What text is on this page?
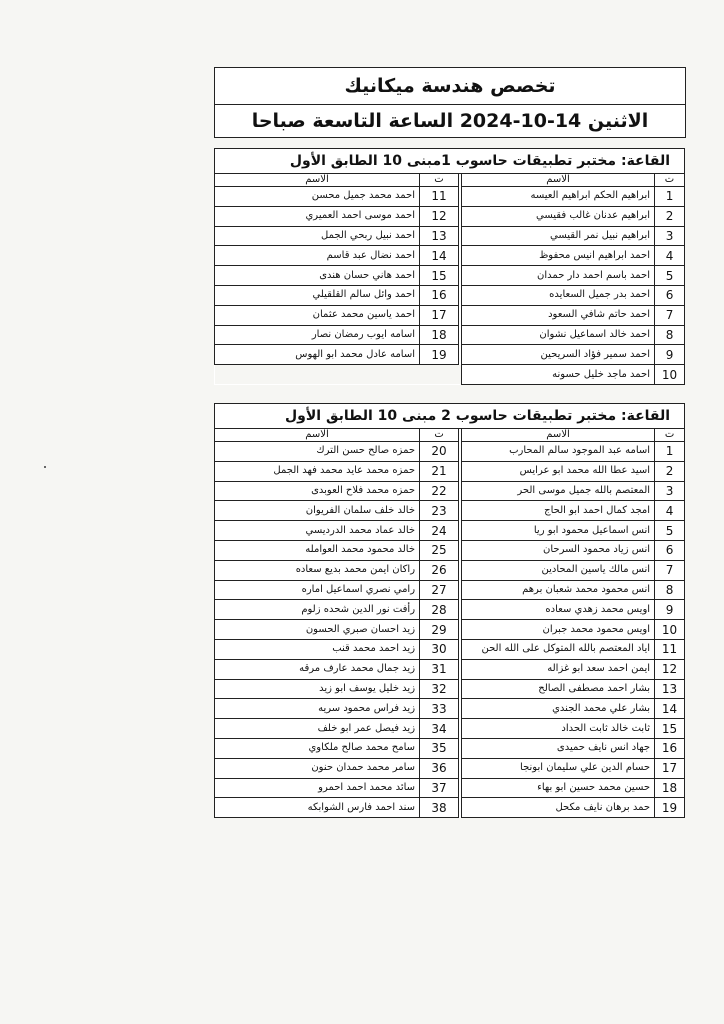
تخصص هندسة ميكانيك
الاثنين 14-10-2024 الساعة التاسعة صباحا
القاعة: مختبر تطبيقات حاسوب 1مبنى 10 الطابق الأول				
ت	الاسم		ت	الاسم
1	ابراهيم الحكم ابراهيم العيسه		11	احمد محمد جميل محسن
2	ابراهيم عدنان غالب فقيسي		12	احمد موسى احمد العميري
3	ابراهيم نبيل نمر القيسي		13	احمد نبيل ربحي الجمل
4	احمد ابراهيم انيس محفوظ		14	احمد نضال عبد قاسم
5	احمد باسم احمد دار حمدان		15	احمد هاني حسان هندى
6	احمد بدر جميل السعايده		16	احمد وائل سالم القلقيلي
7	احمد حاتم شافي السعود		17	احمد ياسين محمد عثمان
8	احمد خالد اسماعيل نشوان		18	اسامه ايوب رمضان نصار
9	احمد سمير فؤاد السريحين		19	اسامه عادل محمد ابو الهوس
10	احمد ماجد خليل حسونه			
القاعة: مختبر تطبيقات حاسوب 2 مبنى 10 الطابق الأول				
ت	الاسم		ت	الاسم
1	اسامه عبد الموجود سالم المحارب		20	حمزه صالح حسن الترك
2	اسيد عطا الله محمد ابو عرايس		21	حمزه محمد عايد محمد فهد الجمل
3	المعتصم بالله جميل موسى الحر		22	حمزه محمد فلاح العوبدى
4	امجد كمال احمد ابو الحاج		23	خالد خلف سلمان الفريوان
5	انس اسماعيل محمود ابو ريا		24	خالد عماد محمد الدرديسي
6	انس زياد محمود السرحان		25	خالد محمود محمد العوامله
7	انس مالك ياسين المحادين		26	راكان ايمن محمد بديع سعاده
8	انس محمود محمد شعبان برهم		27	رامي نصري اسماعيل اماره
9	اويس محمد زهدي سعاده		28	رأفت نور الدين شحده زلوم
10	اويس محمود محمد جبران		29	زيد احسان صبري الحسون
11	اياد المعتصم بالله المتوكل على الله الحن		30	زيد احمد محمد قنب
12	ايمن احمد سعد ابو غزاله		31	زيد جمال محمد عارف مرقه
13	بشار احمد مصطفى الصالح		32	زيد خليل يوسف ابو زيد
14	بشار علي محمد الجندي		33	زيد فراس محمود سريه
15	ثابت خالد ثابت الحداد		34	زيد فيصل عمر ابو خلف
16	جهاد انس نايف حميدى		35	سامح محمد صالح ملكاوي
17	حسام الدين علي سليمان ابونجا		36	سامر محمد حمدان حنون
18	حسين محمد حسين ابو بهاء		37	سائد محمد احمد احمرو
19	حمد برهان نايف مكحل		38	سند احمد فارس الشوابكه
